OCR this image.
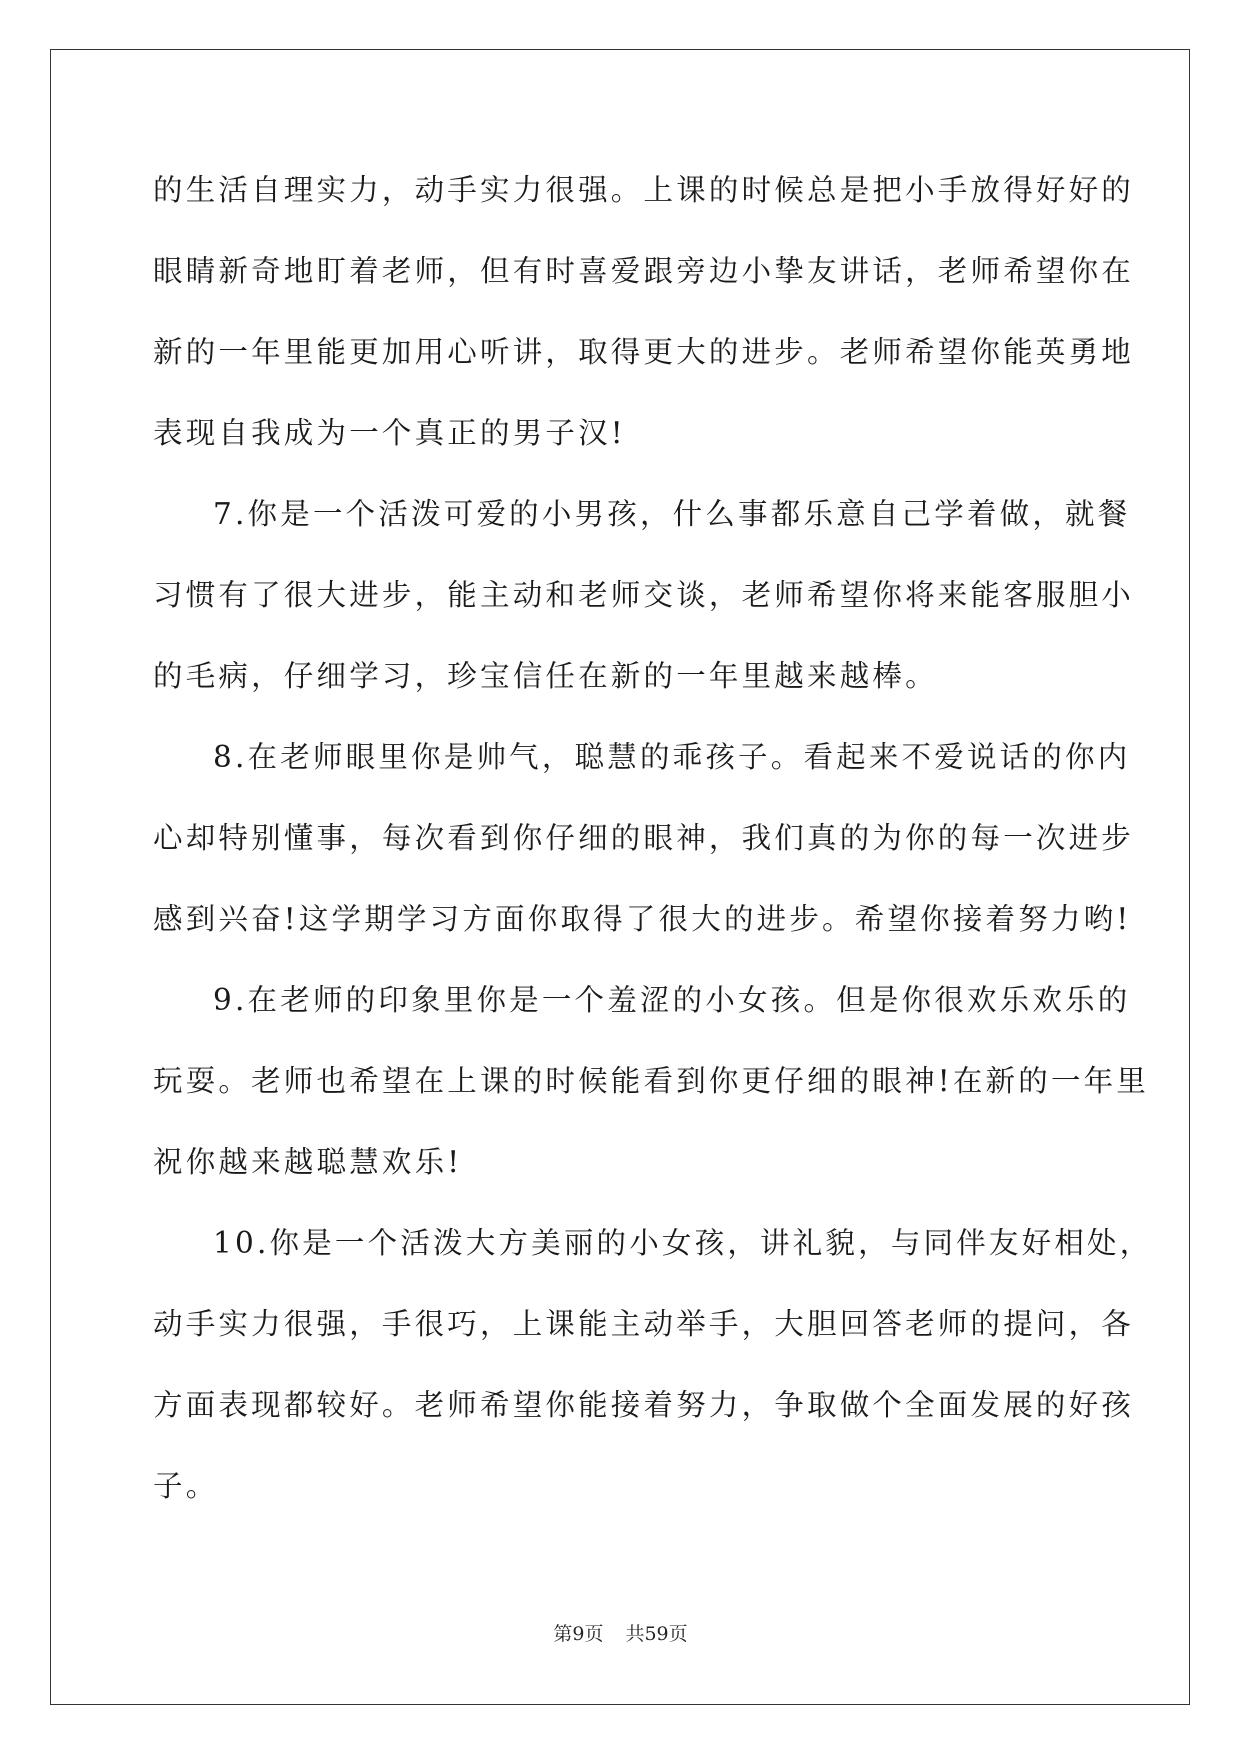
的生活自理实力，动手实力很强。上课的时候总是把小手放得好好的
眼睛新奇地盯着老师，但有时喜爱跟旁边小挚友讲话，老师希望你在
新的一年里能更加用心听讲，取得更大的进步。老师希望你能英勇地
表现自我成为一个真正的男子汉!
7.你是一个活泼可爱的小男孩，什么事都乐意自己学着做，就餐
习惯有了很大进步，能主动和老师交谈，老师希望你将来能客服胆小
的毛病，仔细学习，珍宝信任在新的一年里越来越棒。
8.在老师眼里你是帅气，聪慧的乖孩子。看起来不爱说话的你内
心却特别懂事，每次看到你仔细的眼神，我们真的为你的每一次进步
感到兴奋!这学期学习方面你取得了很大的进步。希望你接着努力哟!
9.在老师的印象里你是一个羞涩的小女孩。但是你很欢乐欢乐的
玩耍。老师也希望在上课的时候能看到你更仔细的眼神!在新的一年里
祝你越来越聪慧欢乐!
10.你是一个活泼大方美丽的小女孩，讲礼貌，与同伴友好相处，
动手实力很强，手很巧，上课能主动举手，大胆回答老师的提问，各
方面表现都较好。老师希望你能接着努力，争取做个全面发展的好孩
子。
第9页 共59页
